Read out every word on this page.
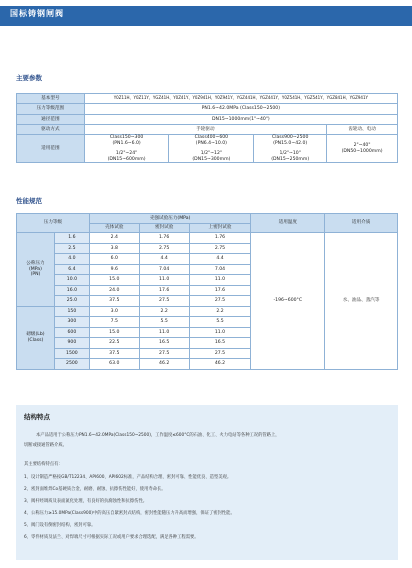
国标铸钢闸阀
主要参数
基本型号	Y0Z11H、Y0Z11Y、YGZ41H、Y0Z41Y、Y0Z941H、Y0Z941Y、YGZ441H、YGZ441Y、Y0Z541H、YGZ541Y、YGZ841H、YGZ941Y			
压力等级范围	PN1.6~42.0MPa (Class150~2500)			
通径范围	DN15~1000mm(1"~40")			
驱动方式	手轮驱动			齿轮动、电动
适用范围	Class150~300
(PN1.6~6.0)

1/2"~24"
(DN15~600mm)	Class400~600
(PN6.4~10.0)

1/2"~12"
(DN15~300mm)	Class900~2500
(PN15.0~42.0)

1/2"~10"
(DN15~250mm)	2"~40"
(DN50~1000mm)
性能规范
压力等级		壳强试验压力(MPa)			适用温度	适用介质
		壳体试验	密封试验	上密封试验		
公称压力
(MPa)
(PN)	1.6	2.4	1.76	1.76	-196~600°C	水、油品、蒸汽等
	2.5	3.8	2.75	2.75		
	4.0	6.0	4.4	4.4		
	6.4	9.6	7.04	7.04		
	10.0	15.0	11.0	11.0		
	16.0	24.0	17.6	17.6		
	25.0	37.5	27.5	27.5		
磅级(Lb)
(Class)	150	3.0	2.2	2.2		
	300	7.5	5.5	5.5		
	600	15.0	11.0	11.0		
	900	22.5	16.5	16.5		
	1500	37.5	27.5	27.5		
	2500	63.0	46.2	46.2		
结构特点

本产品适用于公称压力PN1.6~42.0MPa(Class150~2500)，工作温度≤600°C的石油、化工、火力电站等各种工况的管路上，

切断或接通管路介质。

其主要结构特点有：

1、设计制造严格按GB/T12234、API600、API602标准，产品结构合理、密封可靠、性能优良、造型美观。

2、密封面堆焊Co基硬质合金，耐磨、耐蚀、抗擦伤性能好，使用寿命长。

3、阀杆经调质及表面氮化处理，有良好的抗腐蚀性和抗擦伤性。

4、公称压力≥15.0MPa(Class900)中的高压自紧密封式结构，密封性能随压力升高而增强，保证了密封性能。

5、阀门设有倒密封结构，密封可靠。

6、零件材质及法兰、对焊端尺寸可根据实际工况或用户要求合理选配，满足各种工程需要。
